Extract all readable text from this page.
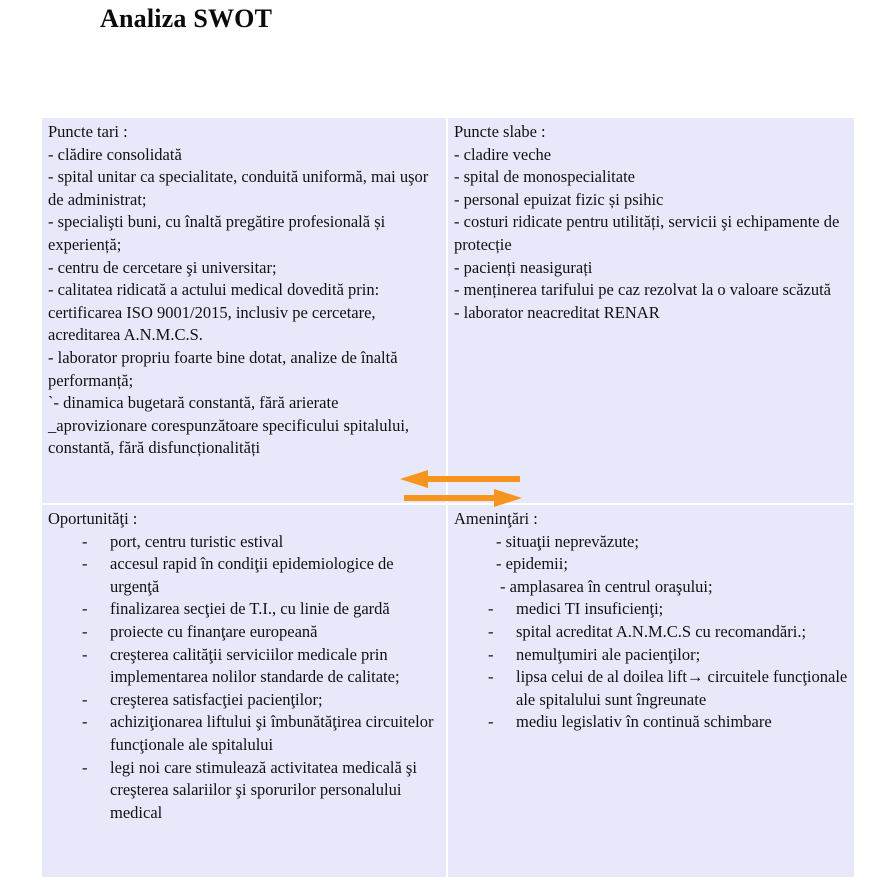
Analiza SWOT
Puncte tari :
- clădire consolidată
- spital unitar ca specialitate, conduită uniformă, mai uşor de administrat;
- specialişti buni, cu înaltă pregătire profesională și experiență;
- centru de cercetare şi universitar;
- calitatea ridicată a actului medical dovedită prin: certificarea ISO 9001/2015, inclusiv pe cercetare, acreditarea A.N.M.C.S.
- laborator propriu foarte bine dotat, analize de înaltă performanță;
`- dinamica bugetară constantă, fără arierate
_aprovizionare corespunzătoare specificului spitalului, constantă, fără disfuncționalități
Puncte slabe :
- cladire veche
- spital de monospecialitate
- personal epuizat fizic și psihic
- costuri ridicate pentru utilități, servicii şi echipamente de protecție
- pacienți neasigurați
- menținerea tarifului pe caz rezolvat la o valoare scăzută
- laborator neacreditat RENAR
Oportunităţi :
- port, centru turistic estival
- accesul rapid în condiţii epidemiologice de urgenţă
- finalizarea secţiei de T.I., cu linie de gardă
- proiecte cu finanţare europeană
- creşterea calităţii serviciilor medicale prin implementarea nolilor standarde de calitate;
- creşterea satisfacţiei pacienţilor;
- achiziţionarea liftului şi îmbunătăţirea circuitelor funcţionale ale spitalului
- legi noi care stimulează activitatea medicală şi creşterea salariilor şi sporurilor personalului medical
Ameninţări :
- situaţii neprevăzute;
- epidemii;
- amplasarea în centrul oraşului;
- medici TI insuficienţi;
- spital acreditat A.N.M.C.S cu recomandări.;
- nemulţumiri ale pacienţilor;
- lipsa celui de al doilea lift→ circuitele funcţionale ale spitalului sunt îngreunate
- mediu legislativ în continuă schimbare
